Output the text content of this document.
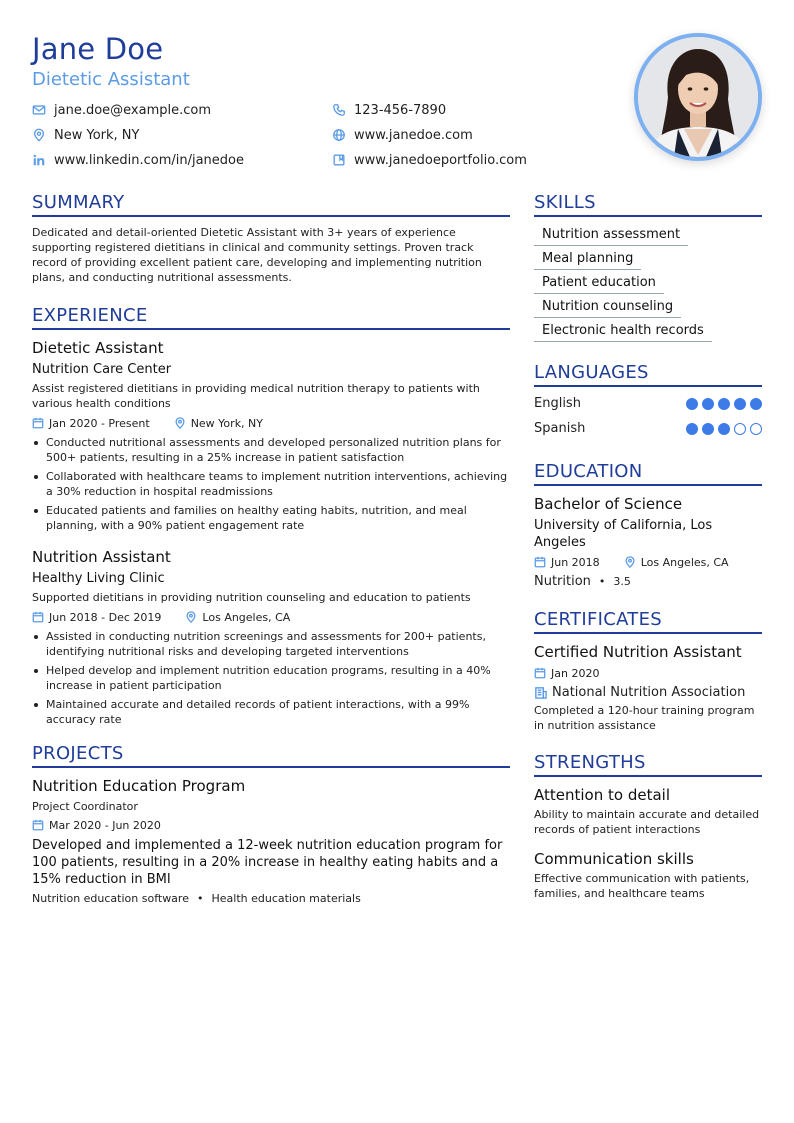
Jane Doe
Dietetic Assistant
jane.doe@example.com	123-456-7890
New York, NY	www.janedoe.com
www.linkedin.com/in/janedoe	www.janedoeportfolio.com
SUMMARY
Dedicated and detail-oriented Dietetic Assistant with 3+ years of experience supporting registered dietitians in clinical and community settings. Proven track record of providing excellent patient care, developing and implementing nutrition plans, and conducting nutritional assessments.
EXPERIENCE
Dietetic Assistant
Nutrition Care Center
Assist registered dietitians in providing medical nutrition therapy to patients with various health conditions
Jan 2020 - Present	New York, NY
Conducted nutritional assessments and developed personalized nutrition plans for 500+ patients, resulting in a 25% increase in patient satisfaction
Collaborated with healthcare teams to implement nutrition interventions, achieving a 30% reduction in hospital readmissions
Educated patients and families on healthy eating habits, nutrition, and meal planning, with a 90% patient engagement rate
Nutrition Assistant
Healthy Living Clinic
Supported dietitians in providing nutrition counseling and education to patients
Jun 2018 - Dec 2019	Los Angeles, CA
Assisted in conducting nutrition screenings and assessments for 200+ patients, identifying nutritional risks and developing targeted interventions
Helped develop and implement nutrition education programs, resulting in a 40% increase in patient participation
Maintained accurate and detailed records of patient interactions, with a 99% accuracy rate
PROJECTS
Nutrition Education Program
Project Coordinator
Mar 2020 - Jun 2020
Developed and implemented a 12-week nutrition education program for 100 patients, resulting in a 20% increase in healthy eating habits and a 15% reduction in BMI
Nutrition education software • Health education materials
SKILLS
Nutrition assessment
Meal planning
Patient education
Nutrition counseling
Electronic health records
LANGUAGES
English
Spanish
EDUCATION
Bachelor of Science
University of California, Los Angeles
Jun 2018	Los Angeles, CA
Nutrition • 3.5
CERTIFICATES
Certified Nutrition Assistant
Jan 2020
National Nutrition Association
Completed a 120-hour training program in nutrition assistance
STRENGTHS
Attention to detail
Ability to maintain accurate and detailed records of patient interactions
Communication skills
Effective communication with patients, families, and healthcare teams
